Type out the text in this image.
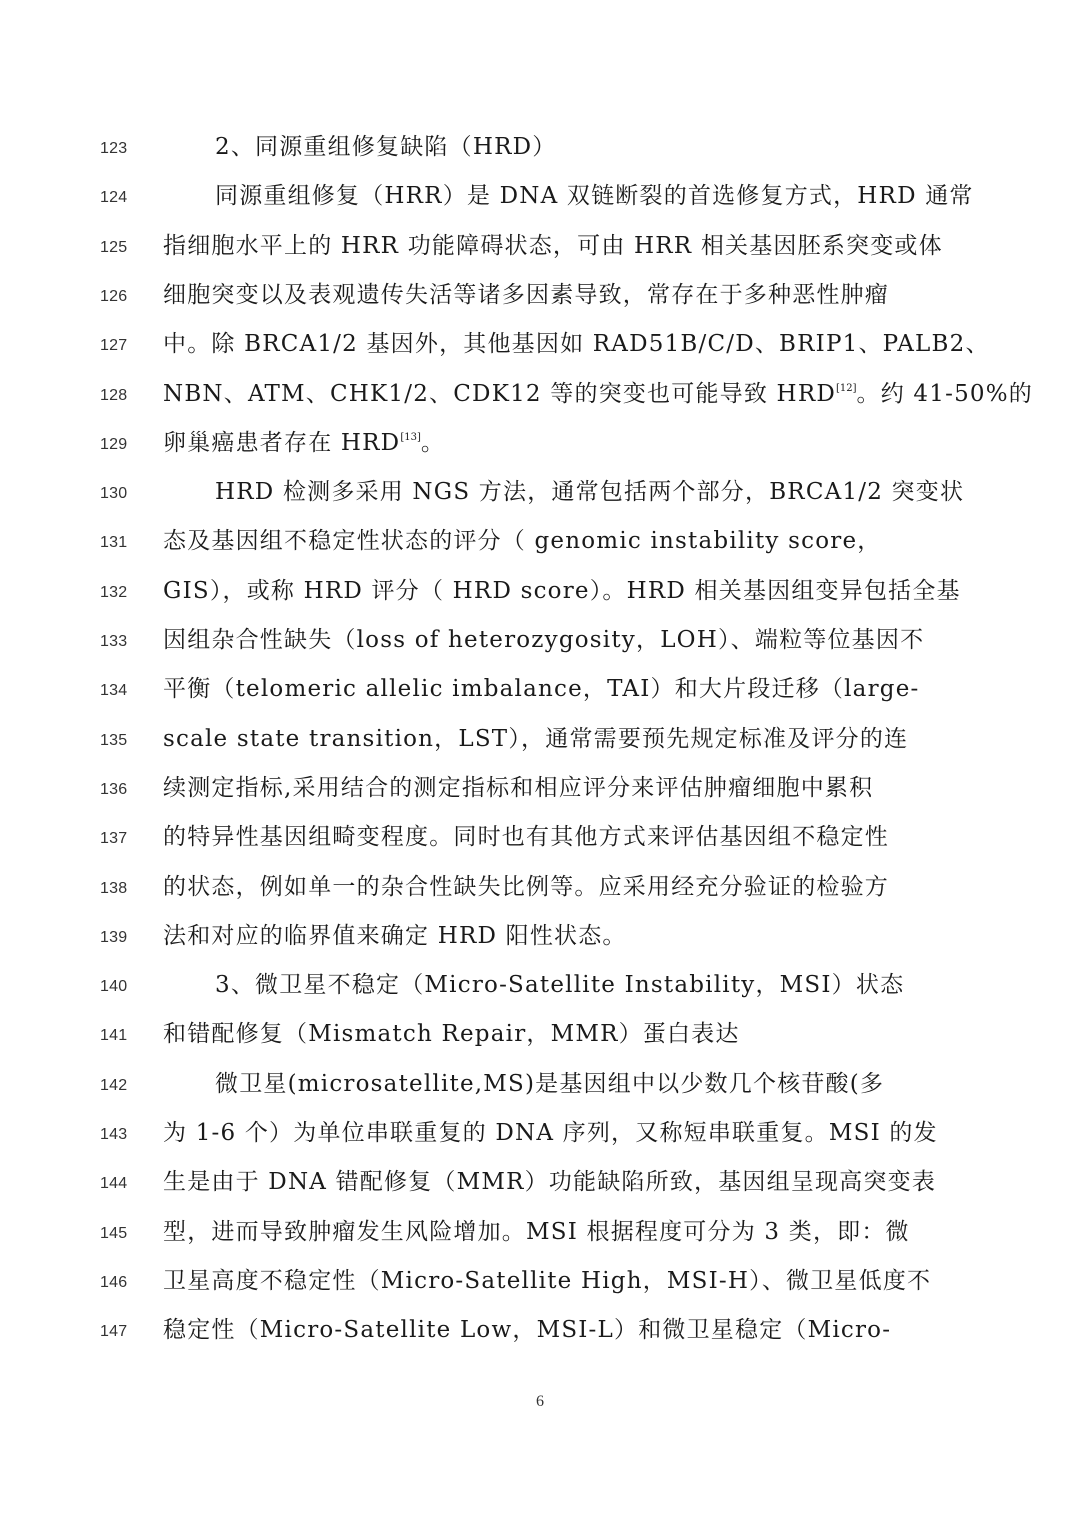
123	2、同源重组修复缺陷（HRD）
124	同源重组修复（HRR）是 DNA 双链断裂的首选修复方式，HRD 通常
125	指细胞水平上的 HRR 功能障碍状态，可由 HRR 相关基因胚系突变或体
126	细胞突变以及表观遗传失活等诸多因素导致，常存在于多种恶性肿瘤
127	中。除 BRCA1/2 基因外，其他基因如 RAD51B/C/D、BRIP1、PALB2、
128	NBN、ATM、CHK1/2、CDK12 等的突变也可能导致 HRD[12]。约 41-50%的
129	卵巢癌患者存在 HRD[13]。
130	HRD 检测多采用 NGS 方法，通常包括两个部分，BRCA1/2 突变状
131	态及基因组不稳定性状态的评分（ genomic instability score，
132	GIS），或称 HRD 评分（ HRD score）。HRD 相关基因组变异包括全基
133	因组杂合性缺失（loss of heterozygosity，LOH）、端粒等位基因不
134	平衡（telomeric allelic imbalance，TAI）和大片段迁移（large-
135	scale state transition，LST），通常需要预先规定标准及评分的连
136	续测定指标,采用结合的测定指标和相应评分来评估肿瘤细胞中累积
137	的特异性基因组畸变程度。同时也有其他方式来评估基因组不稳定性
138	的状态，例如单一的杂合性缺失比例等。应采用经充分验证的检验方
139	法和对应的临界值来确定 HRD 阳性状态。
140	3、微卫星不稳定（Micro-Satellite Instability，MSI）状态
141	和错配修复（Mismatch Repair，MMR）蛋白表达
142	微卫星(microsatellite,MS)是基因组中以少数几个核苷酸(多
143	为 1-6 个）为单位串联重复的 DNA 序列，又称短串联重复。MSI 的发
144	生是由于 DNA 错配修复（MMR）功能缺陷所致，基因组呈现高突变表
145	型，进而导致肿瘤发生风险增加。MSI 根据程度可分为 3 类，即：微
146	卫星高度不稳定性（Micro-Satellite High，MSI-H）、微卫星低度不
147	稳定性（Micro-Satellite Low，MSI-L）和微卫星稳定（Micro-
6
